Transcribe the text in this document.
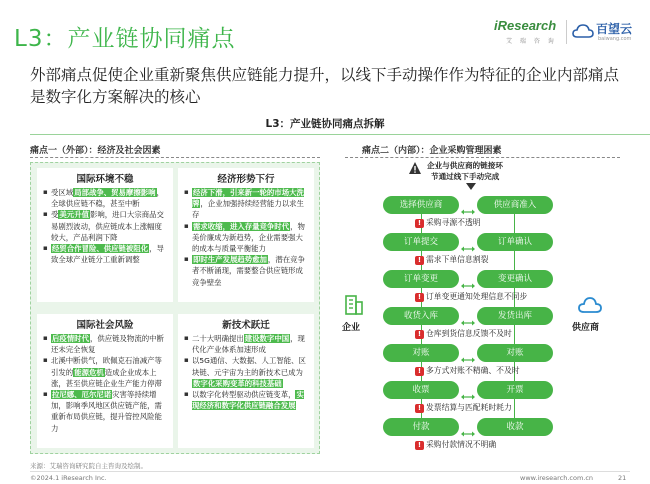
L3：产业链协同痛点
iResearch
艾 瑞 咨 询
百望云
baiwang.com
外部痛点促使企业重新聚焦供应链能力提升，以线下手动操作作为特征的企业内部痛点是数字化方案解决的核心
L3：产业链协同痛点拆解
痛点一（外部）：经济及社会因素
国际环境不稳

▪ 受区域局部战争、贸易摩擦影响，全球供应链不稳，甚至中断

▪ 受美元升值影响，进口大宗商品交易剧烈波动，供应链成本上涨幅度较大，产品利润下降

▪ 经贸合作冒险、供应链被阻化，导致全球产业链分工重新调整

经济形势下行

▪ 经济下滑，引来新一轮的市场大洗牌，企业加强持续经营能力以求生存

▪ 需求收缩，进入存量竞争时代，物美价廉成为新趋势，企业需要强大的成本与质量平衡能力

▪ 即时生产发展趋势愈加，潜在竞争者不断涌现，需要整合供应链形成竞争壁垒

国际社会风险

▪ 后疫情时代，供应链及物流的中断还未完全恢复

▪ 北溪中断供气，欧佩克石油减产等引发的能源危机造成企业成本上涨，甚至供应链企业生产能力停滞

▪ 拉尼娜、厄尔尼诺灾害等持续增加，影响季风地区供应链产能，需重新布局供应链，提升管控风险能力

新技术跃迁

▪ 二十大明确提出建设数字中国，现代化产业体系加速形成

▪ 以5G通信、大数据、人工智能、区块链、元宇宙为主的新技术已成为数字化采购变革的科技基础

▪ 以数字化转型驱动供应链变革，实现经济和数字化供应链融合发展

痛点二（内部）：企业采购管理困素
企业与供应商的链接环
节通过线下手动完成
企业	供应商
选择供应商	供应商准入
! 采购寻源不透明
订单提交	订单确认
! 需求下单信息割裂
订单变更	变更确认
! 订单变更通知处理信息不同步
收货入库	发货出库
! 仓库到货信息反馈不及时
对账	对账
! 多方式对账不精确、不及时
收票	开票
! 发票结算与匹配耗时耗力
付款	收款
! 采购付款情况不明确
来源：艾瑞咨询研究院自主咨询及绘制。
©2024.1 iResearch Inc.	www.iresearch.com.cn	21
